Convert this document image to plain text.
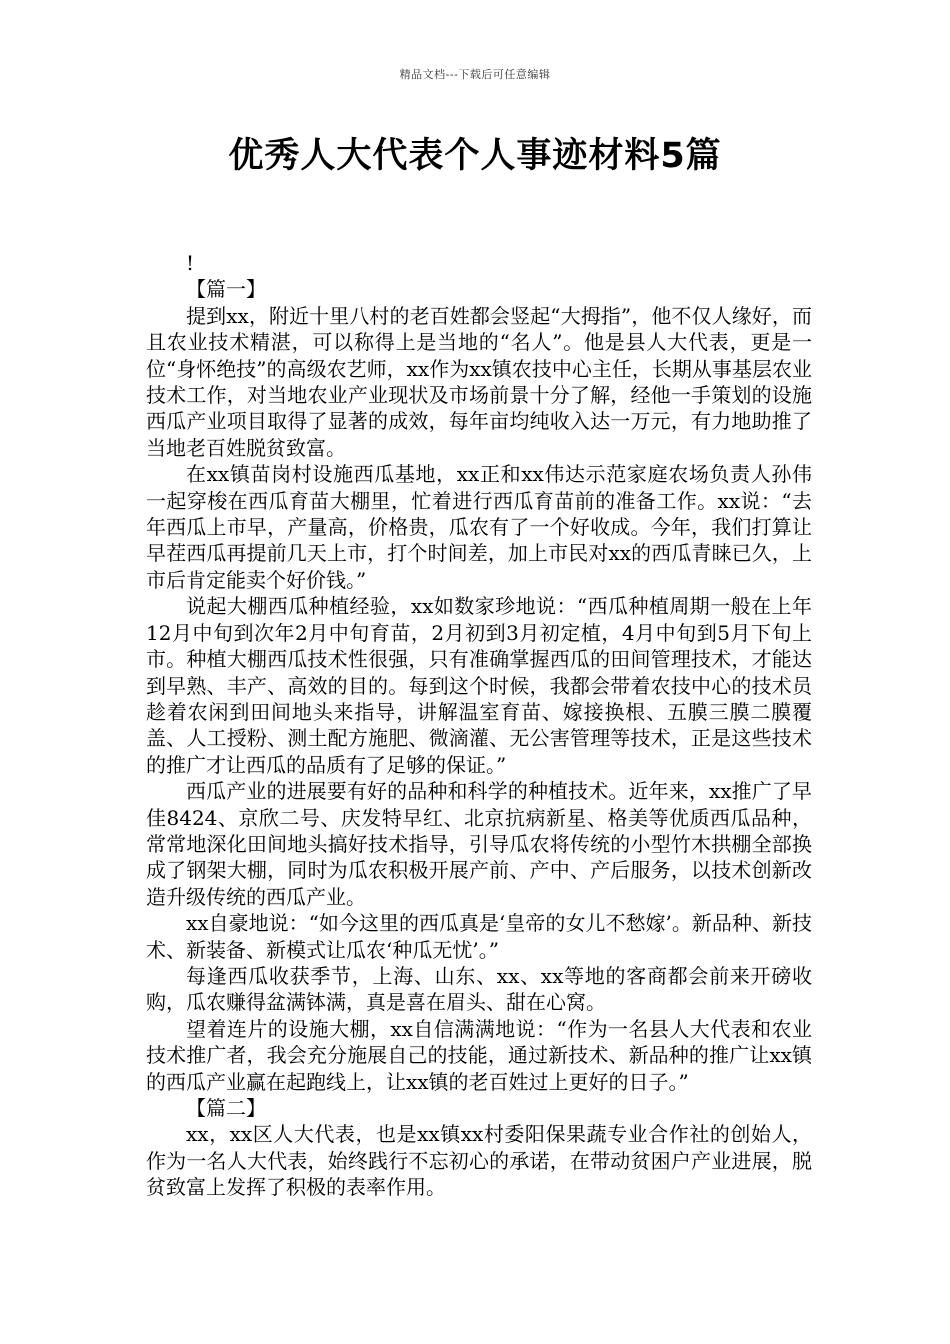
精品文档---下载后可任意编辑
优秀人大代表个人事迹材料5篇

!

【篇一】

提到xx，附近十里八村的老百姓都会竖起“大拇指”，他不仅人缘好，而且农业技术精湛，可以称得上是当地的“名人”。他是县人大代表，更是一位“身怀绝技”的高级农艺师，xx作为xx镇农技中心主任，长期从事基层农业技术工作，对当地农业产业现状及市场前景十分了解，经他一手策划的设施西瓜产业项目取得了显著的成效，每年亩均纯收入达一万元，有力地助推了当地老百姓脱贫致富。

在xx镇苗岗村设施西瓜基地，xx正和xx伟达示范家庭农场负责人孙伟一起穿梭在西瓜育苗大棚里，忙着进行西瓜育苗前的准备工作。xx说：“去年西瓜上市早，产量高，价格贵，瓜农有了一个好收成。今年，我们打算让早茬西瓜再提前几天上市，打个时间差，加上市民对xx的西瓜青睐已久，上市后肯定能卖个好价钱。”

说起大棚西瓜种植经验，xx如数家珍地说：“西瓜种植周期一般在上年12月中旬到次年2月中旬育苗，2月初到3月初定植，4月中旬到5月下旬上市。种植大棚西瓜技术性很强，只有准确掌握西瓜的田间管理技术，才能达到早熟、丰产、高效的目的。每到这个时候，我都会带着农技中心的技术员趁着农闲到田间地头来指导，讲解温室育苗、嫁接换根、五膜三膜二膜覆盖、人工授粉、测土配方施肥、微滴灌、无公害管理等技术，正是这些技术的推广才让西瓜的品质有了足够的保证。”

西瓜产业的进展要有好的品种和科学的种植技术。近年来，xx推广了早佳8424、京欣二号、庆发特早红、北京抗病新星、格美等优质西瓜品种，常常地深化田间地头搞好技术指导，引导瓜农将传统的小型竹木拱棚全部换成了钢架大棚，同时为瓜农积极开展产前、产中、产后服务，以技术创新改造升级传统的西瓜产业。

xx自豪地说：“如今这里的西瓜真是‘皇帝的女儿不愁嫁’。新品种、新技术、新装备、新模式让瓜农‘种瓜无忧’。”

每逢西瓜收获季节，上海、山东、xx、xx等地的客商都会前来开磅收购，瓜农赚得盆满钵满，真是喜在眉头、甜在心窝。

望着连片的设施大棚，xx自信满满地说：“作为一名县人大代表和农业技术推广者，我会充分施展自己的技能，通过新技术、新品种的推广让xx镇的西瓜产业赢在起跑线上，让xx镇的老百姓过上更好的日子。”

【篇二】

xx，xx区人大代表，也是xx镇xx村委阳保果蔬专业合作社的创始人，作为一名人大代表，始终践行不忘初心的承诺，在带动贫困户产业进展，脱贫致富上发挥了积极的表率作用。
